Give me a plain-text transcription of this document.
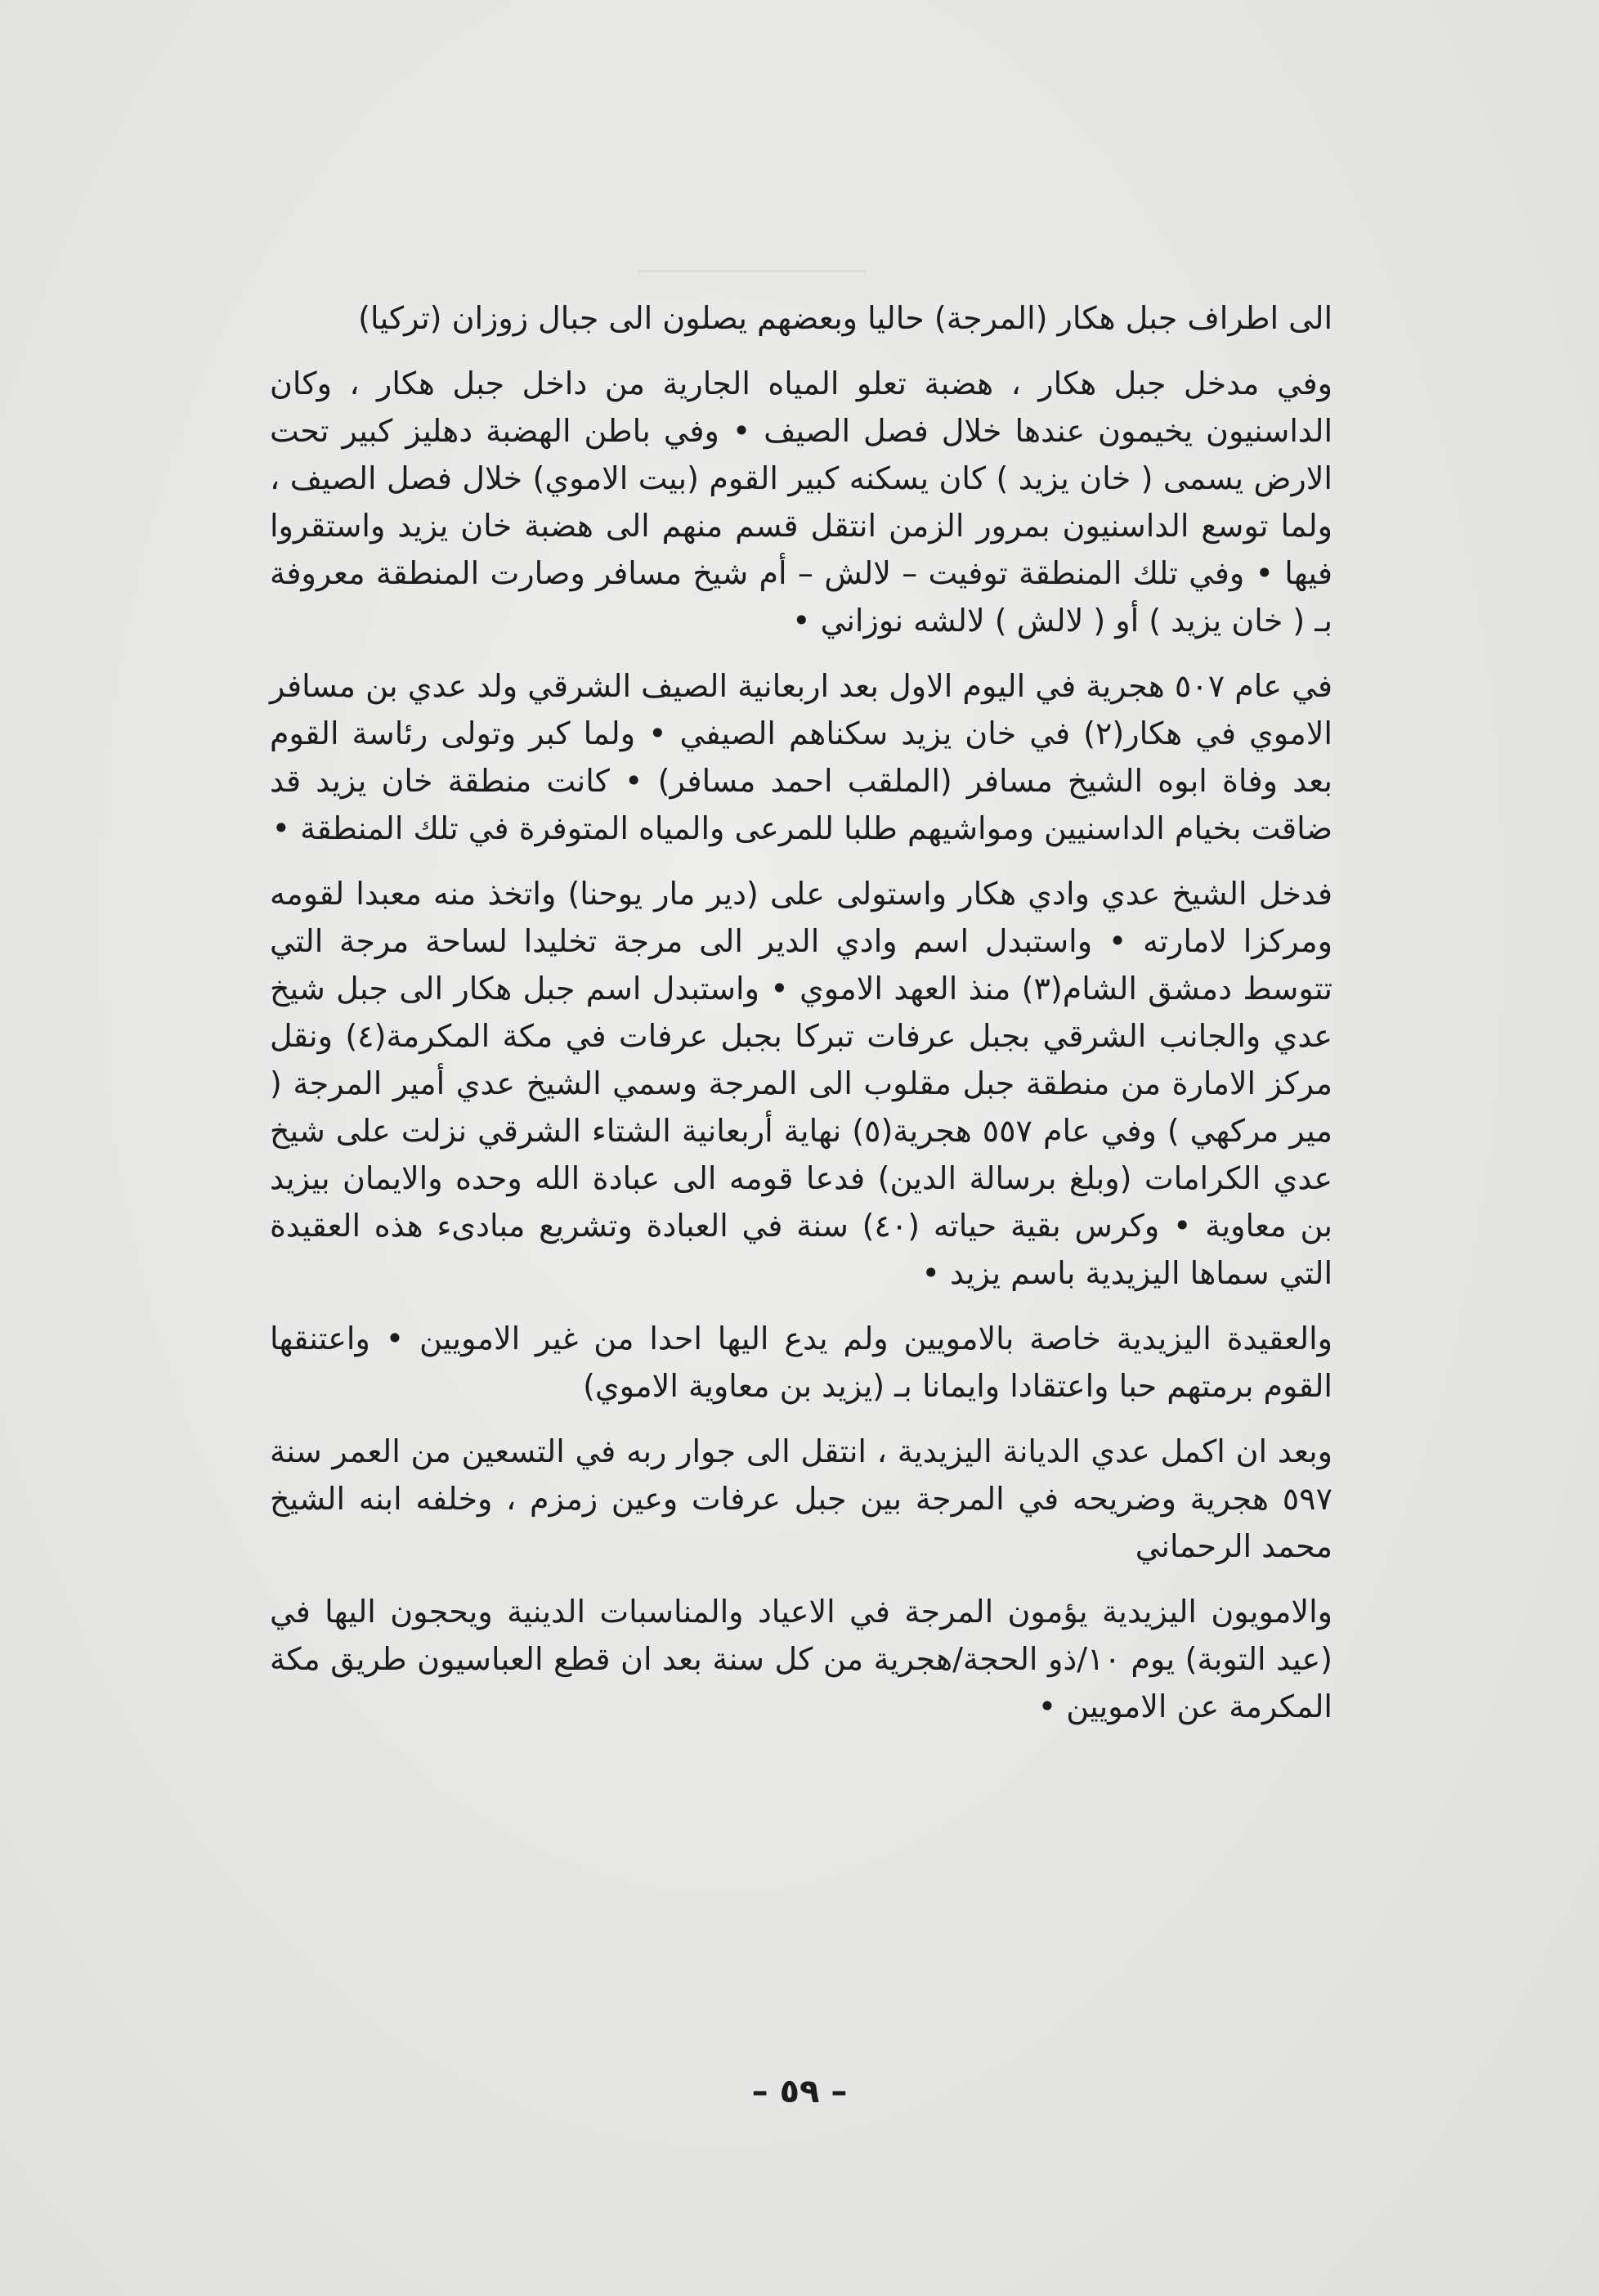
الى اطراف جبل هكار (المرجة) حاليا وبعضهم يصلون الى جبال زوزان (تركيا)

وفي مدخل جبل هكار ، هضبة تعلو المياه الجارية من داخل جبل هكار ، وكان الداسنيون يخيمون عندها خلال فصل الصيف • وفي باطن الهضبة دهليز كبير تحت الارض يسمى ( خان يزيد ) كان يسكنه كبير القوم (بيت الاموي) خلال فصل الصيف ، ولما توسع الداسنيون بمرور الزمن انتقل قسم منهم الى هضبة خان يزيد واستقروا فيها • وفي تلك المنطقة توفيت – لالش – أم شيخ مسافر وصارت المنطقة معروفة بـ ( خان يزيد ) أو ( لالش ) لالشه نوزاني •

في عام ٥٠٧ هجرية في اليوم الاول بعد اربعانية الصيف الشرقي ولد عدي بن مسافر الاموي في هكار(٢) في خان يزيد سكناهم الصيفي • ولما كبر وتولى رئاسة القوم بعد وفاة ابوه الشيخ مسافر (الملقب احمد مسافر) • كانت منطقة خان يزيد قد ضاقت بخيام الداسنيين ومواشيهم طلبا للمرعى والمياه المتوفرة في تلك المنطقة •

فدخل الشيخ عدي وادي هكار واستولى على (دير مار يوحنا) واتخذ منه معبدا لقومه ومركزا لامارته • واستبدل اسم وادي الدير الى مرجة تخليدا لساحة مرجة التي تتوسط دمشق الشام(٣) منذ العهد الاموي • واستبدل اسم جبل هكار الى جبل شيخ عدي والجانب الشرقي بجبل عرفات تبركا بجبل عرفات في مكة المكرمة(٤) ونقل مركز الامارة من منطقة جبل مقلوب الى المرجة وسمي الشيخ عدي أمير المرجة ( مير مركهي ) وفي عام ٥٥٧ هجرية(٥) نهاية أربعانية الشتاء الشرقي نزلت على شيخ عدي الكرامات (وبلغ برسالة الدين) فدعا قومه الى عبادة الله وحده والايمان بيزيد بن معاوية • وكرس بقية حياته (٤٠) سنة في العبادة وتشريع مبادىء هذه العقيدة التي سماها اليزيدية باسم يزيد •

والعقيدة اليزيدية خاصة بالامويين ولم يدع اليها احدا من غير الامويين • واعتنقها القوم برمتهم حبا واعتقادا وايمانا بـ (يزيد بن معاوية الاموي)

وبعد ان اكمل عدي الديانة اليزيدية ، انتقل الى جوار ربه في التسعين من العمر سنة ٥٩٧ هجرية وضريحه في المرجة بين جبل عرفات وعين زمزم ، وخلفه ابنه الشيخ محمد الرحماني

والامويون اليزيدية يؤمون المرجة في الاعياد والمناسبات الدينية ويحجون اليها في (عيد التوبة) يوم ١٠/ذو الحجة/هجرية من كل سنة بعد ان قطع العباسيون طريق مكة المكرمة عن الامويين •

– ٥٩ –
